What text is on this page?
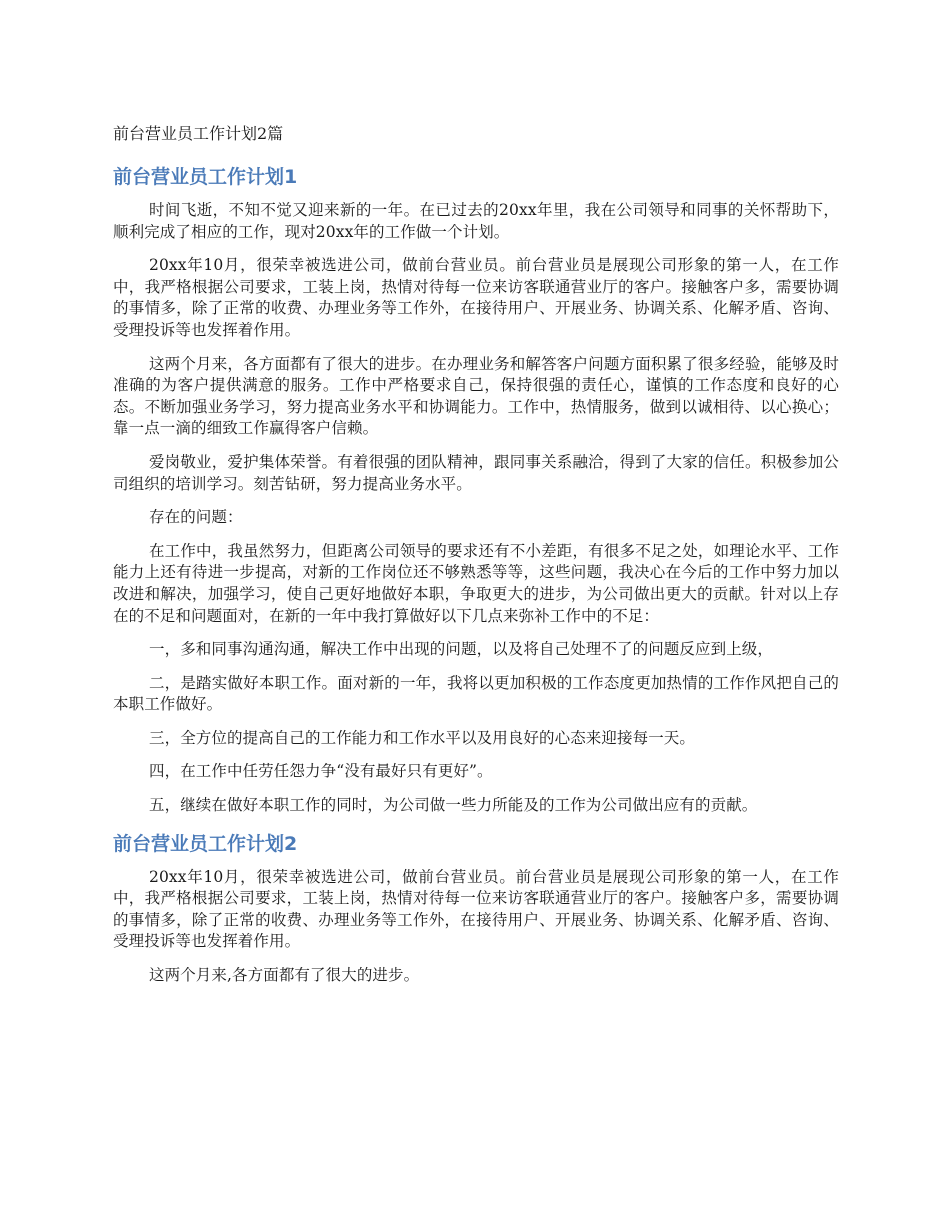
前台营业员工作计划2篇
前台营业员工作计划1

时间飞逝，不知不觉又迎来新的一年。在已过去的20xx年里，我在公司领导和同事的关怀帮助下，顺利完成了相应的工作，现对20xx年的工作做一个计划。

20xx年10月，很荣幸被选进公司，做前台营业员。前台营业员是展现公司形象的第一人，在工作中，我严格根据公司要求，工装上岗，热情对待每一位来访客联通营业厅的客户。接触客户多，需要协调的事情多，除了正常的收费、办理业务等工作外，在接待用户、开展业务、协调关系、化解矛盾、咨询、受理投诉等也发挥着作用。

这两个月来，各方面都有了很大的进步。在办理业务和解答客户问题方面积累了很多经验，能够及时准确的为客户提供满意的服务。工作中严格要求自己，保持很强的责任心，谨慎的工作态度和良好的心态。不断加强业务学习，努力提高业务水平和协调能力。工作中，热情服务，做到以诚相待、以心换心；靠一点一滴的细致工作赢得客户信赖。

爱岗敬业，爱护集体荣誉。有着很强的团队精神，跟同事关系融洽，得到了大家的信任。积极参加公司组织的培训学习。刻苦钻研，努力提高业务水平。

存在的问题：

在工作中，我虽然努力，但距离公司领导的要求还有不小差距，有很多不足之处，如理论水平、工作能力上还有待进一步提高，对新的工作岗位还不够熟悉等等，这些问题，我决心在今后的工作中努力加以改进和解决，加强学习，使自己更好地做好本职，争取更大的进步，为公司做出更大的贡献。针对以上存在的不足和问题面对，在新的一年中我打算做好以下几点来弥补工作中的不足：

一，多和同事沟通沟通，解决工作中出现的问题，以及将自己处理不了的问题反应到上级，

二，是踏实做好本职工作。面对新的一年，我将以更加积极的工作态度更加热情的工作作风把自己的本职工作做好。

三，全方位的提高自己的工作能力和工作水平以及用良好的心态来迎接每一天。

四，在工作中任劳任怨力争“没有最好只有更好”。

五，继续在做好本职工作的同时，为公司做一些力所能及的工作为公司做出应有的贡献。

前台营业员工作计划2

20xx年10月，很荣幸被选进公司，做前台营业员。前台营业员是展现公司形象的第一人，在工作中，我严格根据公司要求，工装上岗，热情对待每一位来访客联通营业厅的客户。接触客户多，需要协调的事情多，除了正常的收费、办理业务等工作外，在接待用户、开展业务、协调关系、化解矛盾、咨询、受理投诉等也发挥着作用。

这两个月来,各方面都有了很大的进步。
